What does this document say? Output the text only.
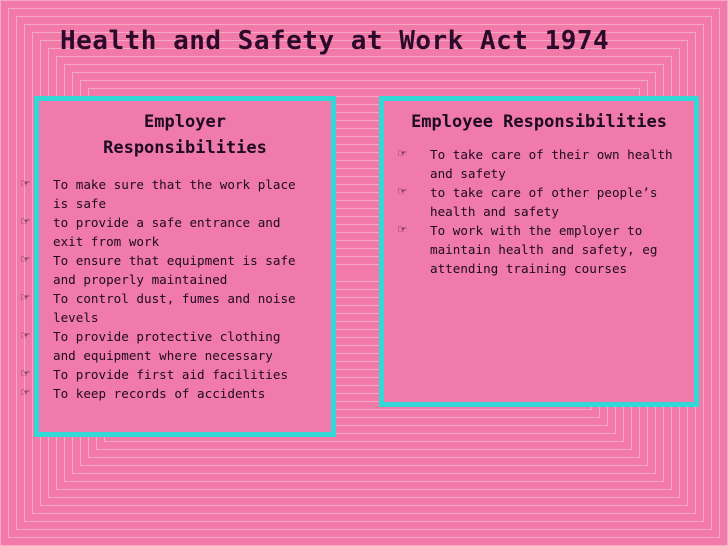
Health and Safety at Work Act 1974
Employer Responsibilities
☞ To make sure that the work place is safe
☞ to provide a safe entrance and exit from work
☞ To ensure that equipment is safe and properly maintained
☞ To control dust, fumes and noise levels
☞ To provide protective clothing and equipment where necessary
☞ To provide first aid facilities
☞ To keep records of accidents
Employee Responsibilities
☞ To take care of their own health and safety
☞ to take care of other people’s health and safety
☞ To work with the employer to maintain health and safety, eg attending training courses
